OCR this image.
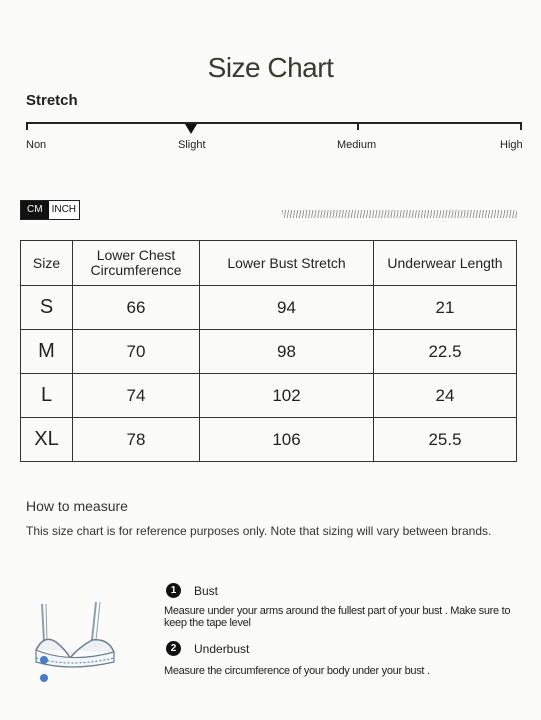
Size Chart
Stretch
Non	Slight	Medium	High
CM INCH
Size	Lower Chest Circumference	Lower Bust Stretch	Underwear Length
S	66	94	21
M	70	98	22.5
L	74	102	24
XL	78	106	25.5
How to measure
This size chart is for reference purposes only. Note that sizing will vary between brands.
1	Bust
Measure under your arms around the fullest part of your bust . Make sure to keep the tape level
2	Underbust
Measure the circumference of your body under your bust .
